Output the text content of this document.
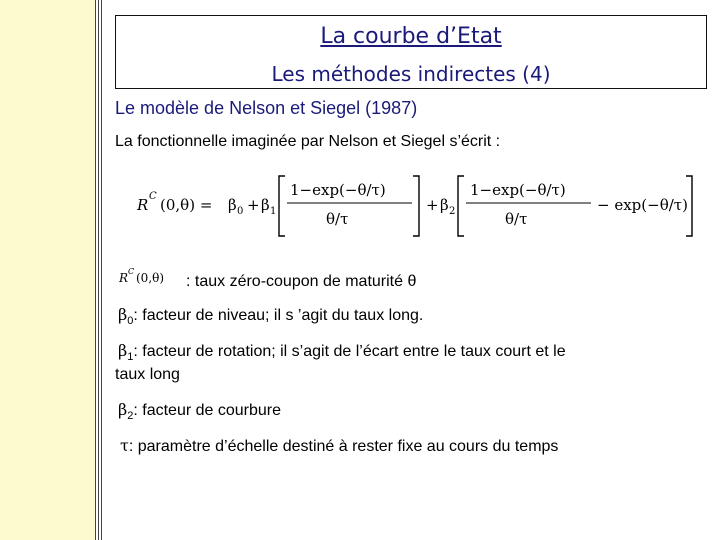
La courbe d’Etat
Les méthodes indirectes (4)
Le modèle de Nelson et Siegel (1987)
La fonctionnelle imaginée par Nelson et Siegel s’écrit :
R C (0,θ) = β 0 + β 1
1−exp(−θ/τ)
θ/τ
+ β 2
1−exp(−θ/τ)
θ/τ
− exp(−θ/τ)
R C (0,θ) : taux zéro-coupon de maturité θ
$\beta_0$: facteur de niveau; il s ’agit du taux long.
$\beta_1$: facteur de rotation; il s’agit de l’écart entre le taux court et le
taux long
$\beta_2$: facteur de courbure
τ: paramètre d’échelle destiné à rester fixe au cours du temps
